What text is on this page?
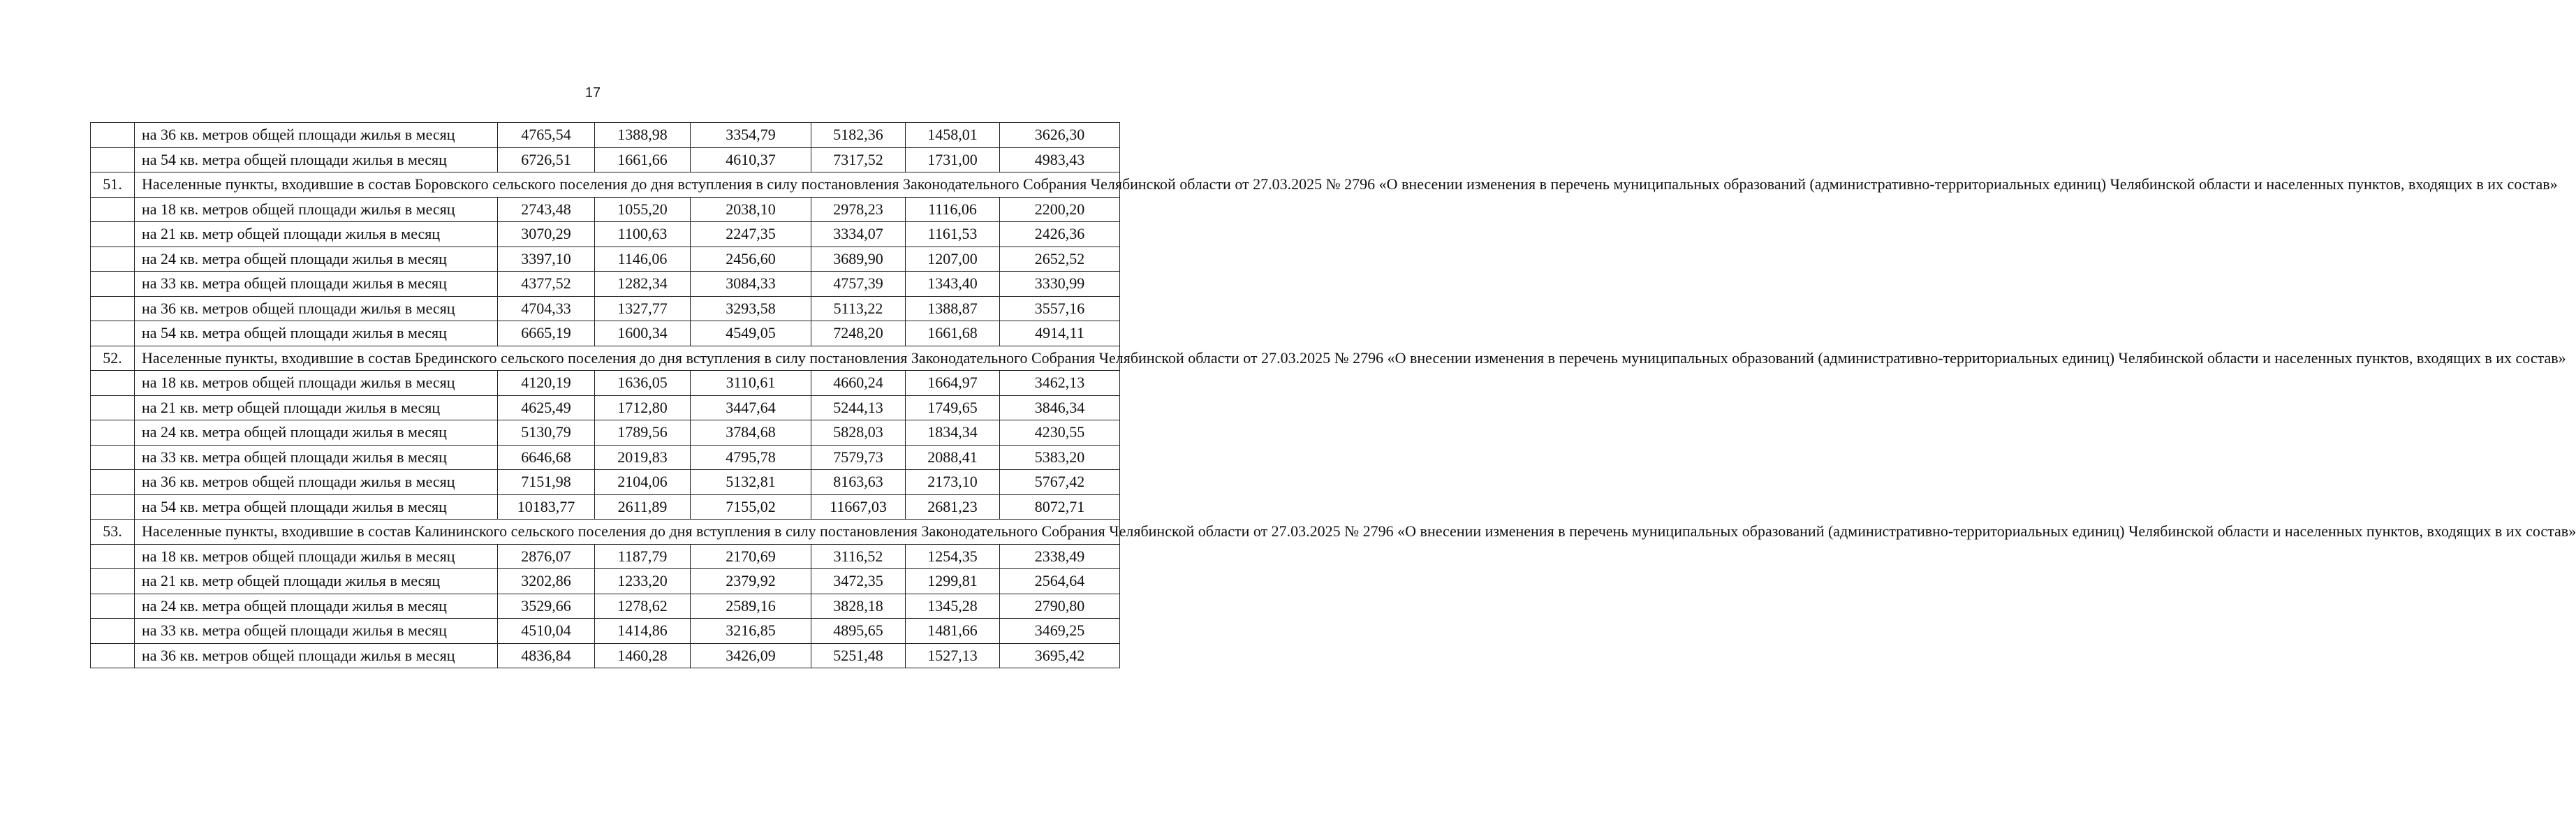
17
	на 36 кв. метров общей площади жилья в месяц	4765,54	1388,98	3354,79	5182,36	1458,01	3626,30
	на 54 кв. метра общей площади жилья в месяц	6726,51	1661,66	4610,37	7317,52	1731,00	4983,43
51.	Населенные пункты, входившие в состав Боровского сельского поселения до дня вступления в силу постановления Законодательного Собрания Челябинской области от 27.03.2025 № 2796 «О внесении изменения в перечень муниципальных образований (административно-территориальных единиц) Челябинской области и населенных пунктов, входящих в их состав»						
	на 18 кв. метров общей площади жилья в месяц	2743,48	1055,20	2038,10	2978,23	1116,06	2200,20
	на 21 кв. метр общей площади жилья в месяц	3070,29	1100,63	2247,35	3334,07	1161,53	2426,36
	на 24 кв. метра общей площади жилья в месяц	3397,10	1146,06	2456,60	3689,90	1207,00	2652,52
	на 33 кв. метра общей площади жилья в месяц	4377,52	1282,34	3084,33	4757,39	1343,40	3330,99
	на 36 кв. метров общей площади жилья в месяц	4704,33	1327,77	3293,58	5113,22	1388,87	3557,16
	на 54 кв. метра общей площади жилья в месяц	6665,19	1600,34	4549,05	7248,20	1661,68	4914,11
52.	Населенные пункты, входившие в состав Брединского сельского поселения до дня вступления в силу постановления Законодательного Собрания Челябинской области от 27.03.2025 № 2796 «О внесении изменения в перечень муниципальных образований (административно-территориальных единиц) Челябинской области и населенных пунктов, входящих в их состав»						
	на 18 кв. метров общей площади жилья в месяц	4120,19	1636,05	3110,61	4660,24	1664,97	3462,13
	на 21 кв. метр общей площади жилья в месяц	4625,49	1712,80	3447,64	5244,13	1749,65	3846,34
	на 24 кв. метра общей площади жилья в месяц	5130,79	1789,56	3784,68	5828,03	1834,34	4230,55
	на 33 кв. метра общей площади жилья в месяц	6646,68	2019,83	4795,78	7579,73	2088,41	5383,20
	на 36 кв. метров общей площади жилья в месяц	7151,98	2104,06	5132,81	8163,63	2173,10	5767,42
	на 54 кв. метра общей площади жилья в месяц	10183,77	2611,89	7155,02	11667,03	2681,23	8072,71
53.	Населенные пункты, входившие в состав Калининского сельского поселения до дня вступления в силу постановления Законодательного Собрания Челябинской области от 27.03.2025 № 2796 «О внесении изменения в перечень муниципальных образований (административно-территориальных единиц) Челябинской области и населенных пунктов, входящих в их состав»						
	на 18 кв. метров общей площади жилья в месяц	2876,07	1187,79	2170,69	3116,52	1254,35	2338,49
	на 21 кв. метр общей площади жилья в месяц	3202,86	1233,20	2379,92	3472,35	1299,81	2564,64
	на 24 кв. метра общей площади жилья в месяц	3529,66	1278,62	2589,16	3828,18	1345,28	2790,80
	на 33 кв. метра общей площади жилья в месяц	4510,04	1414,86	3216,85	4895,65	1481,66	3469,25
	на 36 кв. метров общей площади жилья в месяц	4836,84	1460,28	3426,09	5251,48	1527,13	3695,42
